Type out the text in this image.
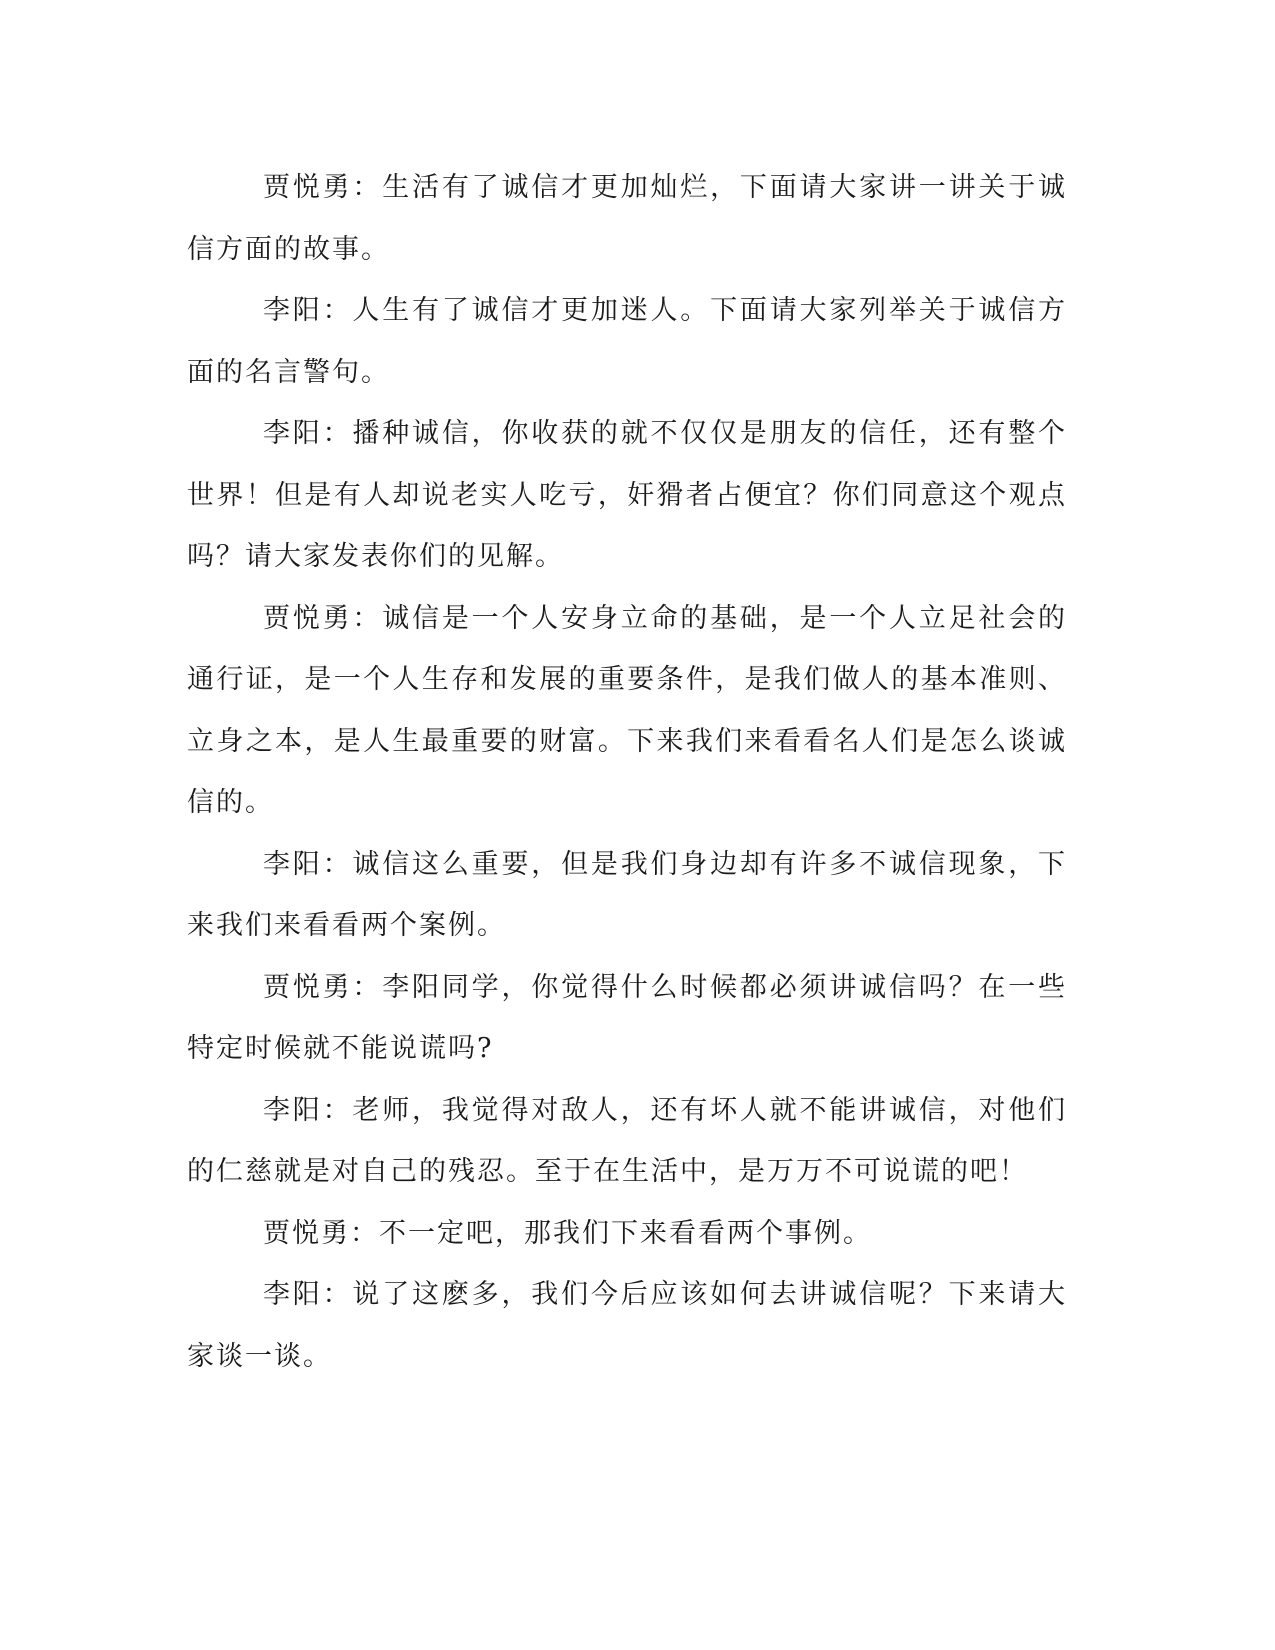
贾悦勇：生活有了诚信才更加灿烂，下面请大家讲一讲关于诚信方面的故事。

李阳：人生有了诚信才更加迷人。下面请大家列举关于诚信方面的名言警句。

李阳：播种诚信，你收获的就不仅仅是朋友的信任，还有整个世界！但是有人却说老实人吃亏，奸猾者占便宜？你们同意这个观点吗？请大家发表你们的见解。

贾悦勇：诚信是一个人安身立命的基础，是一个人立足社会的通行证，是一个人生存和发展的重要条件，是我们做人的基本准则、立身之本，是人生最重要的财富。下来我们来看看名人们是怎么谈诚信的。

李阳：诚信这么重要，但是我们身边却有许多不诚信现象，下来我们来看看两个案例。

贾悦勇：李阳同学，你觉得什么时候都必须讲诚信吗？在一些特定时候就不能说谎吗?

李阳：老师，我觉得对敌人，还有坏人就不能讲诚信，对他们的仁慈就是对自己的残忍。至于在生活中，是万万不可说谎的吧！

贾悦勇：不一定吧，那我们下来看看两个事例。

李阳：说了这麽多，我们今后应该如何去讲诚信呢？下来请大家谈一谈。
